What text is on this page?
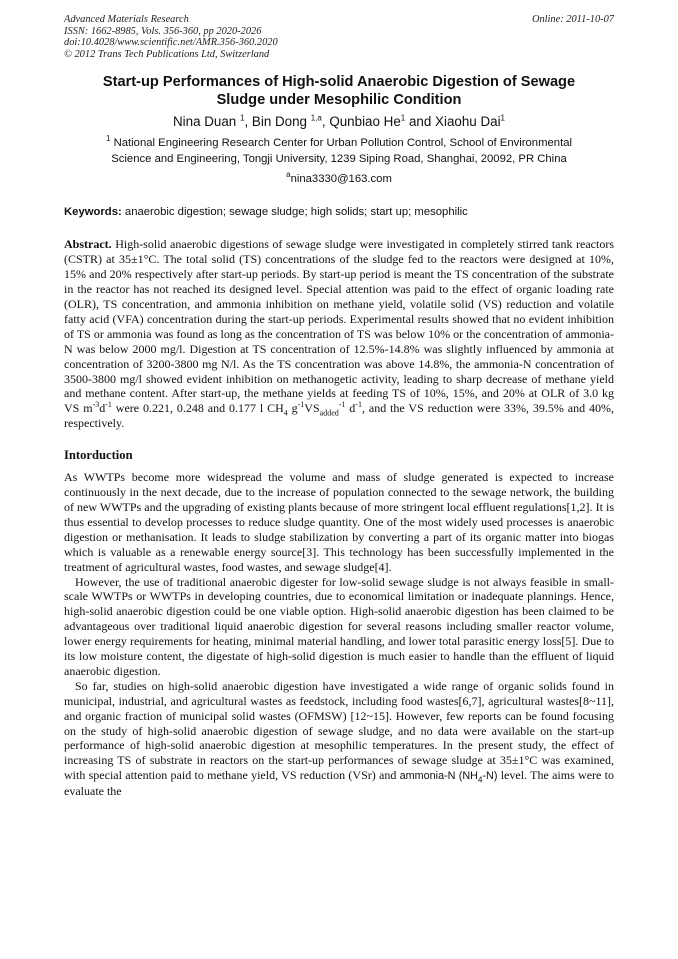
Advanced Materials Research
ISSN: 1662-8985, Vols. 356-360, pp 2020-2026
doi:10.4028/www.scientific.net/AMR.356-360.2020
© 2012 Trans Tech Publications Ltd, Switzerland
Online: 2011-10-07
Start-up Performances of High-solid Anaerobic Digestion of Sewage
Sludge under Mesophilic Condition
Nina Duan $^1$, Bin Dong $^{1,a}$, Qunbiao He$^1$ and Xiaohu Dai$^1$
$^1$ National Engineering Research Center for Urban Pollution Control, School of Environmental
Science and Engineering, Tongji University, 1239 Siping Road, Shanghai, 20092, PR China
$^a$nina3330@163.com
Keywords: anaerobic digestion; sewage sludge; high solids; start up; mesophilic
Abstract. High-solid anaerobic digestions of sewage sludge were investigated in completely stirred tank reactors (CSTR) at 35±1°C. The total solid (TS) concentrations of the sludge fed to the reactors were designed at 10%, 15% and 20% respectively after start-up periods. By start-up period is meant the TS concentration of the substrate in the reactor has not reached its designed level. Special attention was paid to the effect of organic loading rate (OLR), TS concentration, and ammonia inhibition on methane yield, volatile solid (VS) reduction and volatile fatty acid (VFA) concentration during the start-up periods. Experimental results showed that no evident inhibition of TS or ammonia was found as long as the concentration of TS was below 10% or the concentration of ammonia-N was below 2000 mg/l. Digestion at TS concentration of 12.5%-14.8% was slightly influenced by ammonia at concentration of 3200-3800 mg N/l. As the TS concentration was above 14.8%, the ammonia-N concentration of 3500-3800 mg/l showed evident inhibition on methanogetic activity, leading to sharp decrease of methane yield and methane content. After start-up, the methane yields at feeding TS of 10%, 15%, and 20% at OLR of 3.0 kg VS $m^{-3}d^{-1}$ were 0.221, 0.248 and 0.177 l $CH_4$ $g^{-1}VS_{added}^{-1}$ $d^{-1}$, and the VS reduction were 33%, 39.5% and 40%, respectively.
Intorduction

As WWTPs become more widespread the volume and mass of sludge generated is expected to increase continuously in the next decade, due to the increase of population connected to the sewage network, the building of new WWTPs and the upgrading of existing plants because of more stringent local effluent regulations[1,2]. It is thus essential to develop processes to reduce sludge quantity. One of the most widely used processes is anaerobic digestion or methanisation. It leads to sludge stabilization by converting a part of its organic matter into biogas which is valuable as a renewable energy source[3]. This technology has been successfully implemented in the treatment of agricultural wastes, food wastes, and sewage sludge[4].

However, the use of traditional anaerobic digester for low-solid sewage sludge is not always feasible in small-scale WWTPs or WWTPs in developing countries, due to economical limitation or inadequate plannings. Hence, high-solid anaerobic digestion could be one viable option. High-solid anaerobic digestion has been claimed to be advantageous over traditional liquid anaerobic digestion for several reasons including smaller reactor volume, lower energy requirements for heating, minimal material handling, and lower total parasitic energy loss[5]. Due to its low moisture content, the digestate of high-solid digestion is much easier to handle than the effluent of liquid anaerobic digestion.

So far, studies on high-solid anaerobic digestion have investigated a wide range of organic solids found in municipal, industrial, and agricultural wastes as feedstock, including food wastes[6,7], agricultural wastes[8~11], and organic fraction of municipal solid wastes (OFMSW) [12~15]. However, few reports can be found focusing on the study of high-solid anaerobic digestion of sewage sludge, and no data were available on the start-up performance of high-solid anaerobic digestion at mesophilic temperatures. In the present study, the effect of increasing TS of substrate in reactors on the start-up performances of sewage sludge at 35±1°C was examined, with special attention paid to methane yield, VS reduction (VSr) and ammonia-N $(NH_4-N)$ level. The aims were to evaluate the
